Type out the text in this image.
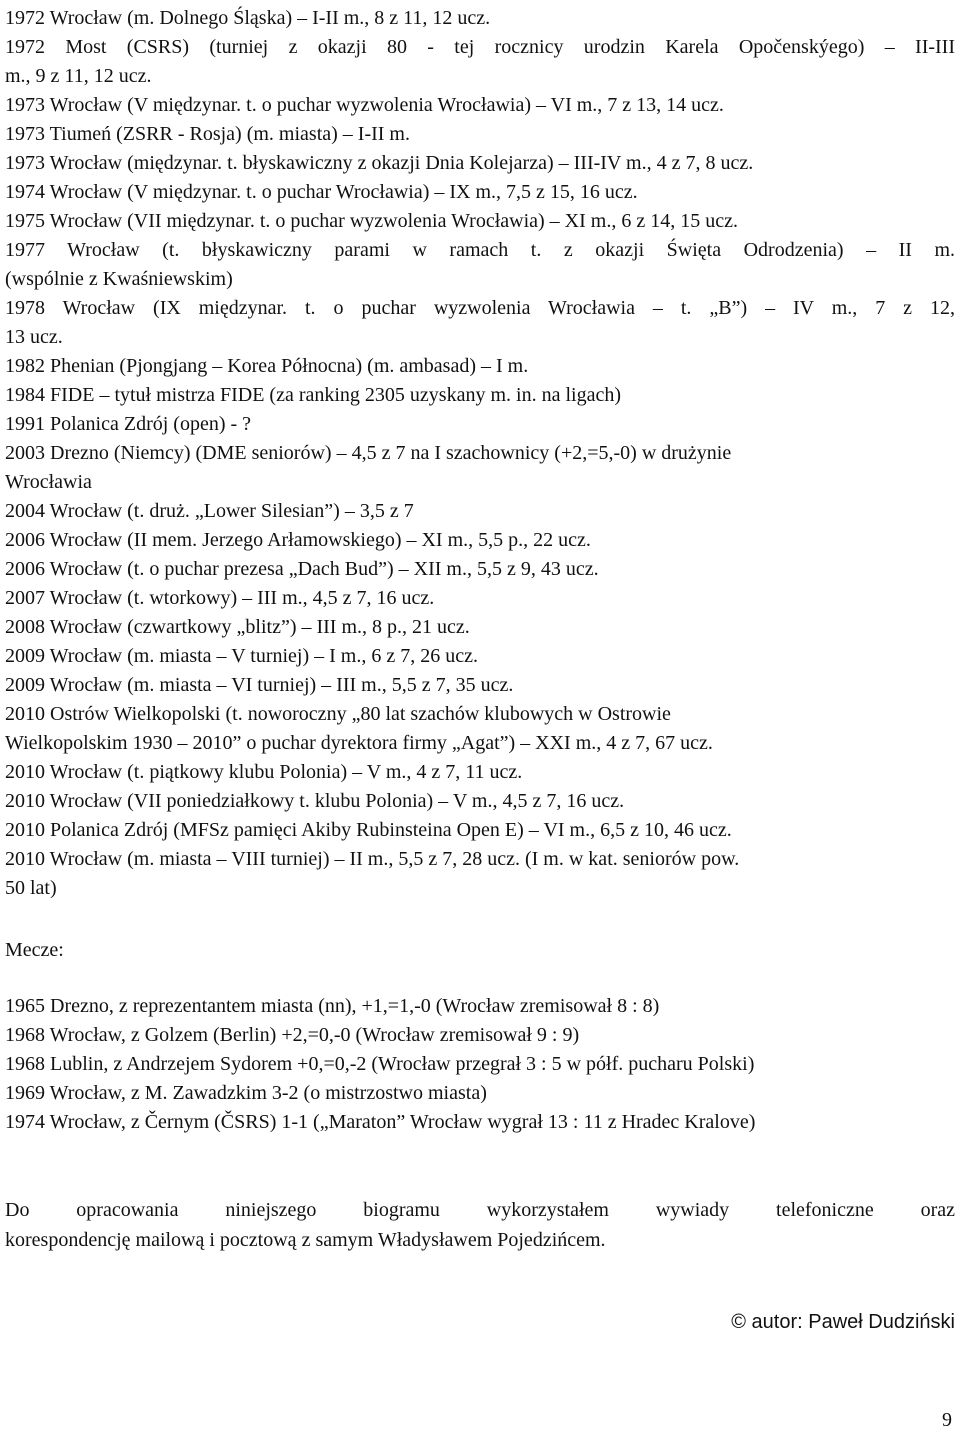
1972 Wrocław (m. Dolnego Śląska) – I-II m., 8 z 11, 12 ucz.
1972 Most (CSRS) (turniej z okazji 80 - tej rocznicy urodzin Karela Opočenskýego) – II-III
m., 9 z 11, 12 ucz.
1973 Wrocław (V międzynar. t. o puchar wyzwolenia Wrocławia) – VI m., 7 z 13, 14 ucz.
1973 Tiumeń (ZSRR - Rosja) (m. miasta) – I-II m.
1973 Wrocław (międzynar. t. błyskawiczny z okazji Dnia Kolejarza) – III-IV m., 4 z 7, 8 ucz.
1974 Wrocław (V międzynar. t. o puchar Wrocławia) – IX m., 7,5 z 15, 16 ucz.
1975 Wrocław (VII międzynar. t. o puchar wyzwolenia Wrocławia) – XI m., 6 z 14, 15 ucz.
1977 Wrocław (t. błyskawiczny parami w ramach t. z okazji Święta Odrodzenia) – II m.
(wspólnie z Kwaśniewskim)
1978 Wrocław (IX międzynar. t. o puchar wyzwolenia Wrocławia – t. „B”) – IV m., 7 z 12,
13 ucz.
1982 Phenian (Pjongjang – Korea Północna) (m. ambasad) – I m.
1984 FIDE – tytuł mistrza FIDE (za ranking 2305 uzyskany m. in. na ligach)
1991 Polanica Zdrój (open) - ?
2003 Drezno (Niemcy) (DME seniorów) – 4,5 z 7 na I szachownicy (+2,=5,-0) w drużynie
Wrocławia
2004 Wrocław (t. druż. „Lower Silesian”) – 3,5 z 7
2006 Wrocław (II mem. Jerzego Arłamowskiego) – XI m., 5,5 p., 22 ucz.
2006 Wrocław (t. o puchar prezesa „Dach Bud”) – XII m., 5,5 z 9, 43 ucz.
2007 Wrocław (t. wtorkowy) – III m., 4,5 z 7, 16 ucz.
2008 Wrocław (czwartkowy „blitz”) – III m., 8 p., 21 ucz.
2009 Wrocław (m. miasta – V turniej) – I m., 6 z 7, 26 ucz.
2009 Wrocław (m. miasta – VI turniej) – III m., 5,5 z 7, 35 ucz.
2010 Ostrów Wielkopolski (t. noworoczny „80 lat szachów klubowych w Ostrowie
Wielkopolskim 1930 – 2010” o puchar dyrektora firmy „Agat”) – XXI m., 4 z 7, 67 ucz.
2010 Wrocław (t. piątkowy klubu Polonia) – V m., 4 z 7, 11 ucz.
2010 Wrocław (VII poniedziałkowy t. klubu Polonia) – V m., 4,5 z 7, 16 ucz.
2010 Polanica Zdrój (MFSz pamięci Akiby Rubinsteina Open E) – VI m., 6,5 z 10, 46 ucz.
2010 Wrocław (m. miasta – VIII turniej) – II m., 5,5 z 7, 28 ucz. (I m. w kat. seniorów pow.
50 lat)
Mecze:
1965 Drezno, z reprezentantem miasta (nn), +1,=1,-0 (Wrocław zremisował 8 : 8)
1968 Wrocław, z Golzem (Berlin) +2,=0,-0 (Wrocław zremisował 9 : 9)
1968 Lublin, z Andrzejem Sydorem +0,=0,-2 (Wrocław przegrał 3 : 5 w półf. pucharu Polski)
1969 Wrocław, z M. Zawadzkim 3-2 (o mistrzostwo miasta)
1974 Wrocław, z Černym (ČSRS) 1-1 („Maraton” Wrocław wygrał 13 : 11 z Hradec Kralove)
Do opracowania niniejszego biogramu wykorzystałem wywiady telefoniczne oraz
korespondencję mailową i pocztową z samym Władysławem Pojedzińcem.
© autor: Paweł Dudziński
9
